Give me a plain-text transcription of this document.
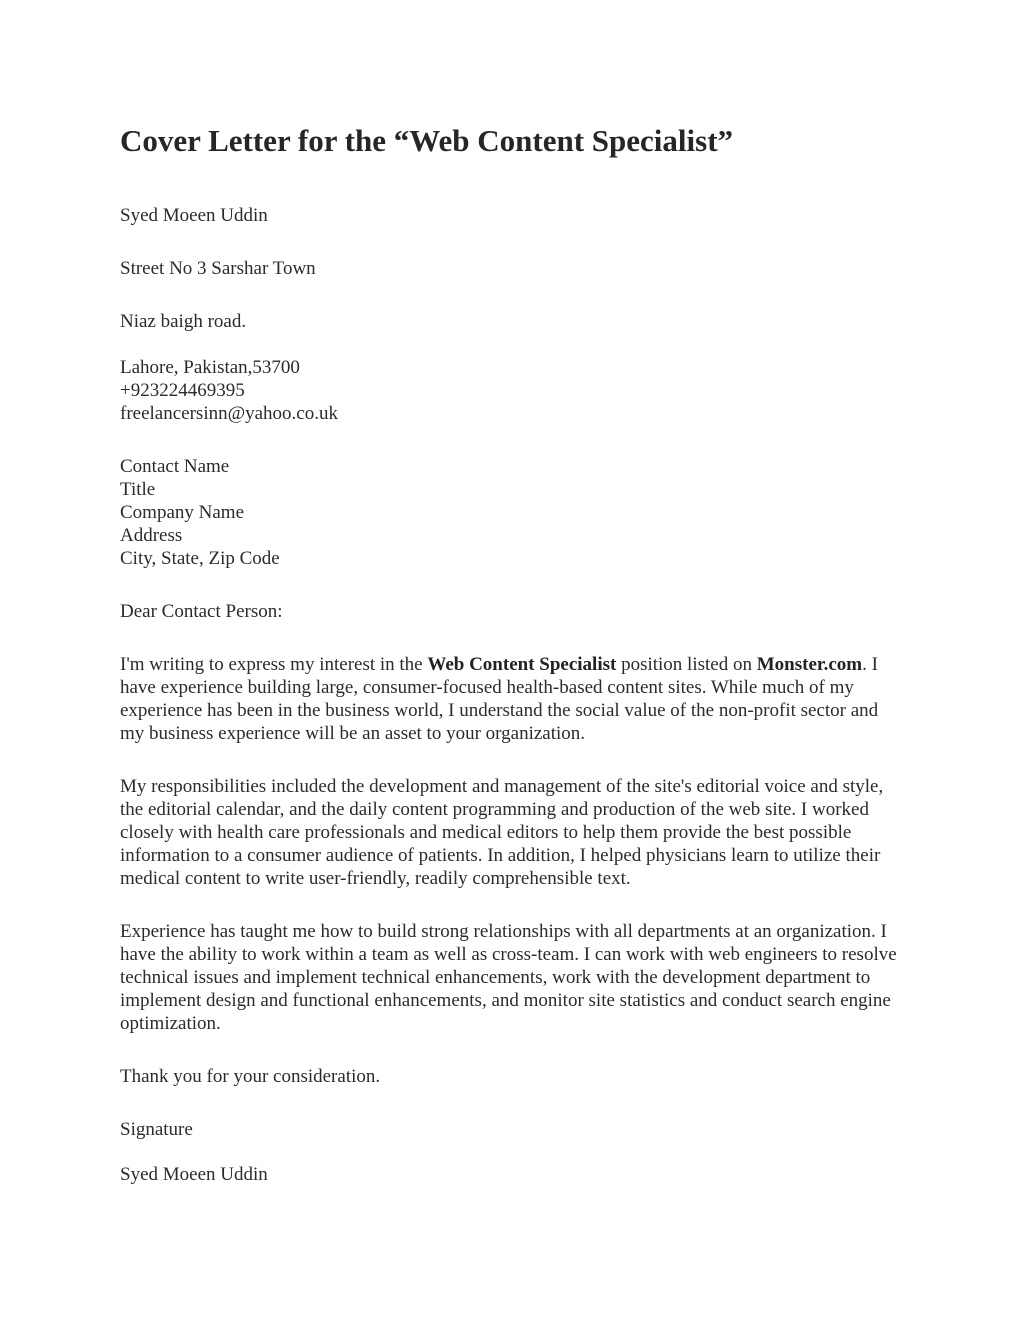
Cover Letter for the “Web Content Specialist”
Syed Moeen Uddin
Street No 3 Sarshar Town
Niaz baigh road.
Lahore, Pakistan,53700
+923224469395
freelancersinn@yahoo.co.uk
Contact Name
Title
Company Name
Address
City, State, Zip Code
Dear Contact Person:

I'm writing to express my interest in the Web Content Specialist position listed on Monster.com. I have experience building large, consumer-focused health-based content sites. While much of my experience has been in the business world, I understand the social value of the non-profit sector and my business experience will be an asset to your organization.

My responsibilities included the development and management of the site's editorial voice and style, the editorial calendar, and the daily content programming and production of the web site. I worked closely with health care professionals and medical editors to help them provide the best possible information to a consumer audience of patients. In addition, I helped physicians learn to utilize their medical content to write user-friendly, readily comprehensible text.

Experience has taught me how to build strong relationships with all departments at an organization. I have the ability to work within a team as well as cross-team. I can work with web engineers to resolve technical issues and implement technical enhancements, work with the development department to implement design and functional enhancements, and monitor site statistics and conduct search engine optimization.

Thank you for your consideration.
Signature
Syed Moeen Uddin
